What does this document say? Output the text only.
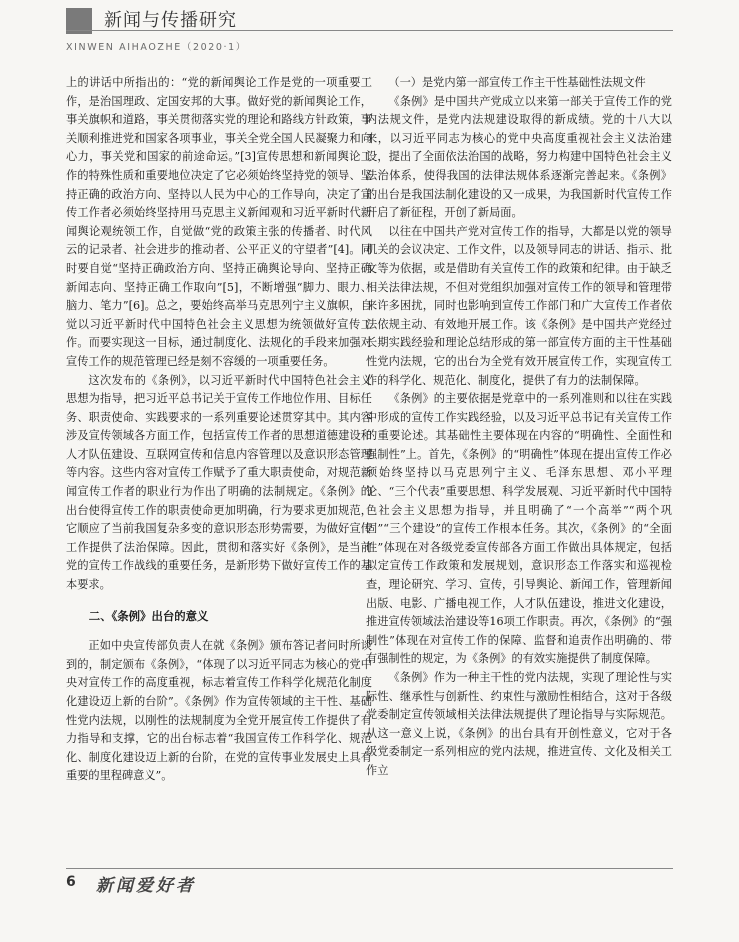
新闻与传播研究
XINWEN AIHAOZHE（2020·1）

上的讲话中所指出的：“党的新闻舆论工作是党的一项重要工作，是治国理政、定国安邦的大事。做好党的新闻舆论工作，事关旗帜和道路，事关贯彻落实党的理论和路线方针政策，事关顺利推进党和国家各项事业，事关全党全国人民凝聚力和向心力，事关党和国家的前途命运。”[3]宣传思想和新闻舆论工作的特殊性质和重要地位决定了它必须始终坚持党的领导、坚持正确的政治方向、坚持以人民为中心的工作导向，决定了宣传工作者必须始终坚持用马克思主义新闻观和习近平新时代新闻舆论观统领工作，自觉做“党的政策主张的传播者、时代风云的记录者、社会进步的推动者、公平正义的守望者”[4]。同时要自觉“坚持正确政治方向、坚持正确舆论导向、坚持正确新闻志向、坚持正确工作取向”[5]，不断增强“脚力、眼力、脑力、笔力”[6]。总之，要始终高举马克思列宁主义旗帜，自觉以习近平新时代中国特色社会主义思想为统领做好宣传工作。而要实现这一目标，通过制度化、法规化的手段来加强对宣传工作的规范管理已经是刻不容缓的一项重要任务。

这次发布的《条例》，以习近平新时代中国特色社会主义思想为指导，把习近平总书记关于宣传工作地位作用、目标任务、职责使命、实践要求的一系列重要论述贯穿其中。其内容涉及宣传领域各方面工作，包括宣传工作者的思想道德建设和人才队伍建设、互联网宣传和信息内容管理以及意识形态管理等内容。这些内容对宣传工作赋予了重大职责使命，对规范新闻宣传工作者的职业行为作出了明确的法制规定。《条例》的出台使得宣传工作的职责使命更加明确，行为要求更加规范，它顺应了当前我国复杂多变的意识形态形势需要，为做好宣传工作提供了法治保障。因此，贯彻和落实好《条例》，是当前党的宣传工作战线的重要任务，是新形势下做好宣传工作的基本要求。

二、《条例》出台的意义

正如中央宣传部负责人在就《条例》颁布答记者问时所谈到的，制定颁布《条例》，“体现了以习近平同志为核心的党中央对宣传工作的高度重视，标志着宣传工作科学化规范化制度化建设迈上新的台阶”。《条例》作为宣传领域的主干性、基础性党内法规，以刚性的法规制度为全党开展宣传工作提供了有力指导和支撑，它的出台标志着“我国宣传工作科学化、规范化、制度化建设迈上新的台阶，在党的宣传事业发展史上具有重要的里程碑意义”。

（一）是党内第一部宣传工作主干性基础性法规文件

《条例》是中国共产党成立以来第一部关于宣传工作的党内法规文件，是党内法规建设取得的新成绩。党的十八大以来，以习近平同志为核心的党中央高度重视社会主义法治建设，提出了全面依法治国的战略，努力构建中国特色社会主义法治体系，使得我国的法律法规体系逐渐完善起来。《条例》的出台是我国法制化建设的又一成果，为我国新时代宣传工作开启了新征程，开创了新局面。

以往在中国共产党对宣传工作的指导，大都是以党的领导机关的会议决定、工作文件，以及领导同志的讲话、指示、批文等为依据，或是借助有关宣传工作的政策和纪律。由于缺乏相关法律法规，不但对党组织加强对宣传工作的领导和管理带来许多困扰，同时也影响到宣传工作部门和广大宣传工作者依法依规主动、有效地开展工作。该《条例》是中国共产党经过长期实践经验和理论总结形成的第一部宣传方面的主干性基础性党内法规，它的出台为全党有效开展宣传工作，实现宣传工作的科学化、规范化、制度化，提供了有力的法制保障。

《条例》的主要依据是党章中的一系列准则和以往在实践中形成的宣传工作实践经验，以及习近平总书记有关宣传工作的重要论述。其基础性主要体现在内容的“明确性、全面性和强制性”上。首先，《条例》的“明确性”体现在提出宣传工作必须始终坚持以马克思列宁主义、毛泽东思想、邓小平理论、“三个代表”重要思想、科学发展观、习近平新时代中国特色社会主义思想为指导，并且明确了“一个高举”“两个巩固”“三个建设”的宣传工作根本任务。其次，《条例》的“全面性”体现在对各级党委宣传部各方面工作做出具体规定，包括拟定宣传工作政策和发展规划，意识形态工作落实和巡视检查，理论研究、学习、宣传，引导舆论、新闻工作，管理新闻出版、电影、广播电视工作，人才队伍建设，推进文化建设，推进宣传领域法治建设等16项工作职责。再次，《条例》的“强制性”体现在对宣传工作的保障、监督和追责作出明确的、带有强制性的规定，为《条例》的有效实施提供了制度保障。

《条例》作为一种主干性的党内法规，实现了理论性与实际性、继承性与创新性、约束性与激励性相结合，这对于各级党委制定宣传领域相关法律法规提供了理论指导与实际规范。从这一意义上说，《条例》的出台具有开创性意义，它对于各级党委制定一系列相应的党内法规，推进宣传、文化及相关工作立

6 新闻爱好者
